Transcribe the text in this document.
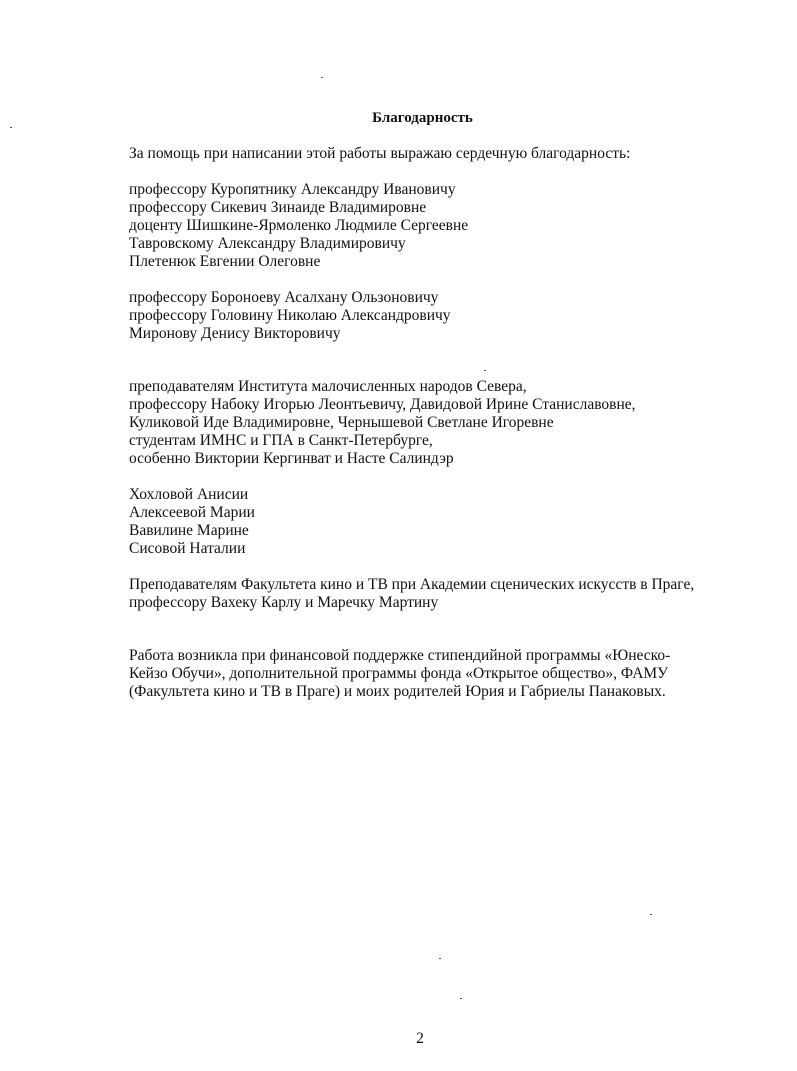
Благодарность
За помощь при написании этой работы выражаю сердечную благодарность:
профессору Куропятнику Александру Ивановичу
профессору Сикевич Зинаиде Владимировне
доценту Шишкине-Ярмоленко Людмиле Сергеевне
Тавровскому Александру Владимировичу
Плетенюк Евгении Олеговне
профессору Бороноеву Асалхану Ользоновичу
профессору Головину Николаю Александровичу
Миронову Денису Викторовичу
преподавателям Института малочисленных народов Севера,
профессору Набоку Игорью Леонтьевичу, Давидовой Ирине Станиславовне,
Куликовой Иде Владимировне, Чернышевой Светлане Игоревне
студентам ИМНС и ГПА в Санкт-Петербурге,
особенно Виктории Кергинват и Насте Салиндэр
Хохловой Анисии
Алексеевой Марии
Вавилине Марине
Сисовой Наталии
Преподавателям Факультета кино и ТВ при Академии сценических искусств в Праге,
профессору Вахеку Карлу и Маречку Мартину
Работа возникла при финансовой поддержке стипендийной программы «Юнеско-
Кейзо Обучи», дополнительной программы фонда «Открытое общество», ФАМУ
(Факультета кино и ТВ в Праге) и моих родителей Юрия и Габриелы Панаковых.
2
